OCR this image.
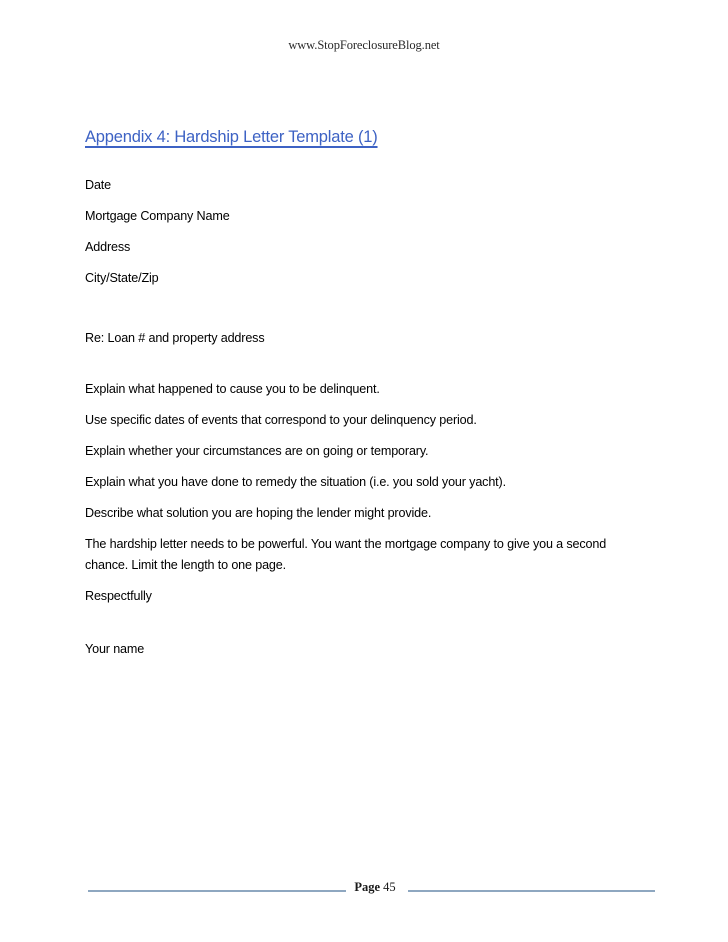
www.StopForeclosureBlog.net
Appendix 4: Hardship Letter Template (1)

Date

Mortgage Company Name

Address

City/State/Zip

Re: Loan # and property address

Explain what happened to cause you to be delinquent.

Use specific dates of events that correspond to your delinquency period.

Explain whether your circumstances are on going or temporary.

Explain what you have done to remedy the situation (i.e. you sold your yacht).

Describe what solution you are hoping the lender might provide.

The hardship letter needs to be powerful. You want the mortgage company to give you a second chance. Limit the length to one page.

Respectfully

Your name

Page 45
